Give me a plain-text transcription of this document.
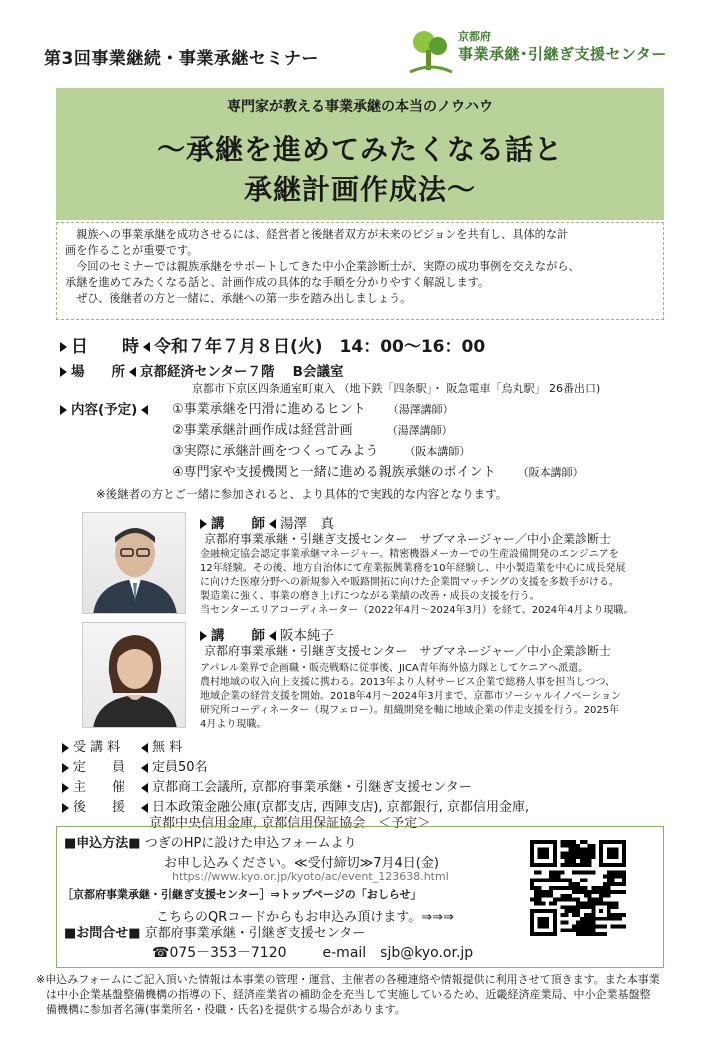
第3回事業継続・事業承継セミナー
京都府
事業承継･引継ぎ支援センター
専門家が教える事業承継の本当のノウハウ
～承継を進めてみたくなる話と
承継計画作成法～

親族への事業承継を成功させるには、経営者と後継者双方が未来のビジョンを共有し、具体的な計

画を作ることが重要です。

今回のセミナーでは親族承継をサポートしてきた中小企業診断士が、実際の成功事例を交えながら、

承継を進めてみたくなる話と、計画作成の具体的な手順を分かりやすく解説します。

ぜひ、後継者の方と一緒に、承継への第一歩を踏み出しましょう。

日　　時 令和７年７月８日(火)　14：00～16：00
場　　所 京都経済センター７階　 B会議室
京都市下京区四条通室町東入 （地下鉄「四条駅」・ 阪急電車「烏丸駅」 26番出口)
内容(予定)	①事業承継を円滑に進めるヒント （湯澤講師）
②事業承継計画作成は経営計画	（湯澤講師）
③実際に承継計画をつくってみよう （阪本講師）
④専門家や支援機関と一緒に進める親族承継のポイント （阪本講師）
※後継者の方とご一緒に参加されると、より具体的で実践的な内容となります。
講　　師 湯澤　真
京都府事業承継・引継ぎ支援センター　サブマネージャー／中小企業診断士
金融検定協会認定事業承継マネージャー。精密機器メーカーでの生産設備開発のエンジニアを
12年経験。その後、地方自治体にて産業振興業務を10年経験し、中小製造業を中心に成長発展
に向けた医療分野への新規参入や販路開拓に向けた企業間マッチングの支援を多数手がける。
製造業に強く、事業の磨き上げにつながる業績の改善・成長の支援を行う。
当センターエリアコーディネーター（2022年4月～2024年3月）を経て、2024年4月より現職。
講　　師 阪本純子
京都府事業承継・引継ぎ支援センター　サブマネージャー／中小企業診断士
アパレル業界で企画職・販売戦略に従事後、JICA青年海外協力隊としてケニアへ派遣。
農村地域の収入向上支援に携わる。2013年より人材サービス企業で総務人事を担当しつつ、
地域企業の経営支援を開始。2018年4月～2024年3月まで、京都市ソーシャルイノベーション
研究所コーディネーター（現フェロー）。組織開発を軸に地域企業の伴走支援を行う。2025年
4月より現職。
受 講 料 無 料
定　　員 定員50名
主　　催 京都商工会議所, 京都府事業承継・引継ぎ支援センター
後　　援 日本政策金融公庫(京都支店, 西陣支店), 京都銀行, 京都信用金庫,
京都中央信用金庫, 京都信用保証協会　＜予定＞
■申込方法■ つぎのHPに設けた申込フォームより
お申し込みください。≪受付締切≫7月4日(金)
https://www.kyo.or.jp/kyoto/ac/event_123638.html
［京都府事業承継・引継ぎ支援センター］⇒トップページの「おしらせ」
こちらのQRコードからもお申込み頂けます。⇒⇒⇒
■お問合せ■ 京都府事業承継・引継ぎ支援センター
☎075－353－7120	e-mail　sjb@kyo.or.jp
※申込みフォームにご記入頂いた情報は本事業の管理・運営、主催者の各種連絡や情報提供に利用させて頂きます。また本事業
は中小企業基盤整備機構の指導の下、経済産業省の補助金を充当して実施しているため、近畿経済産業局、中小企業基盤整
備機構に参加者名簿(事業所名・役職・氏名)を提供する場合があります。
